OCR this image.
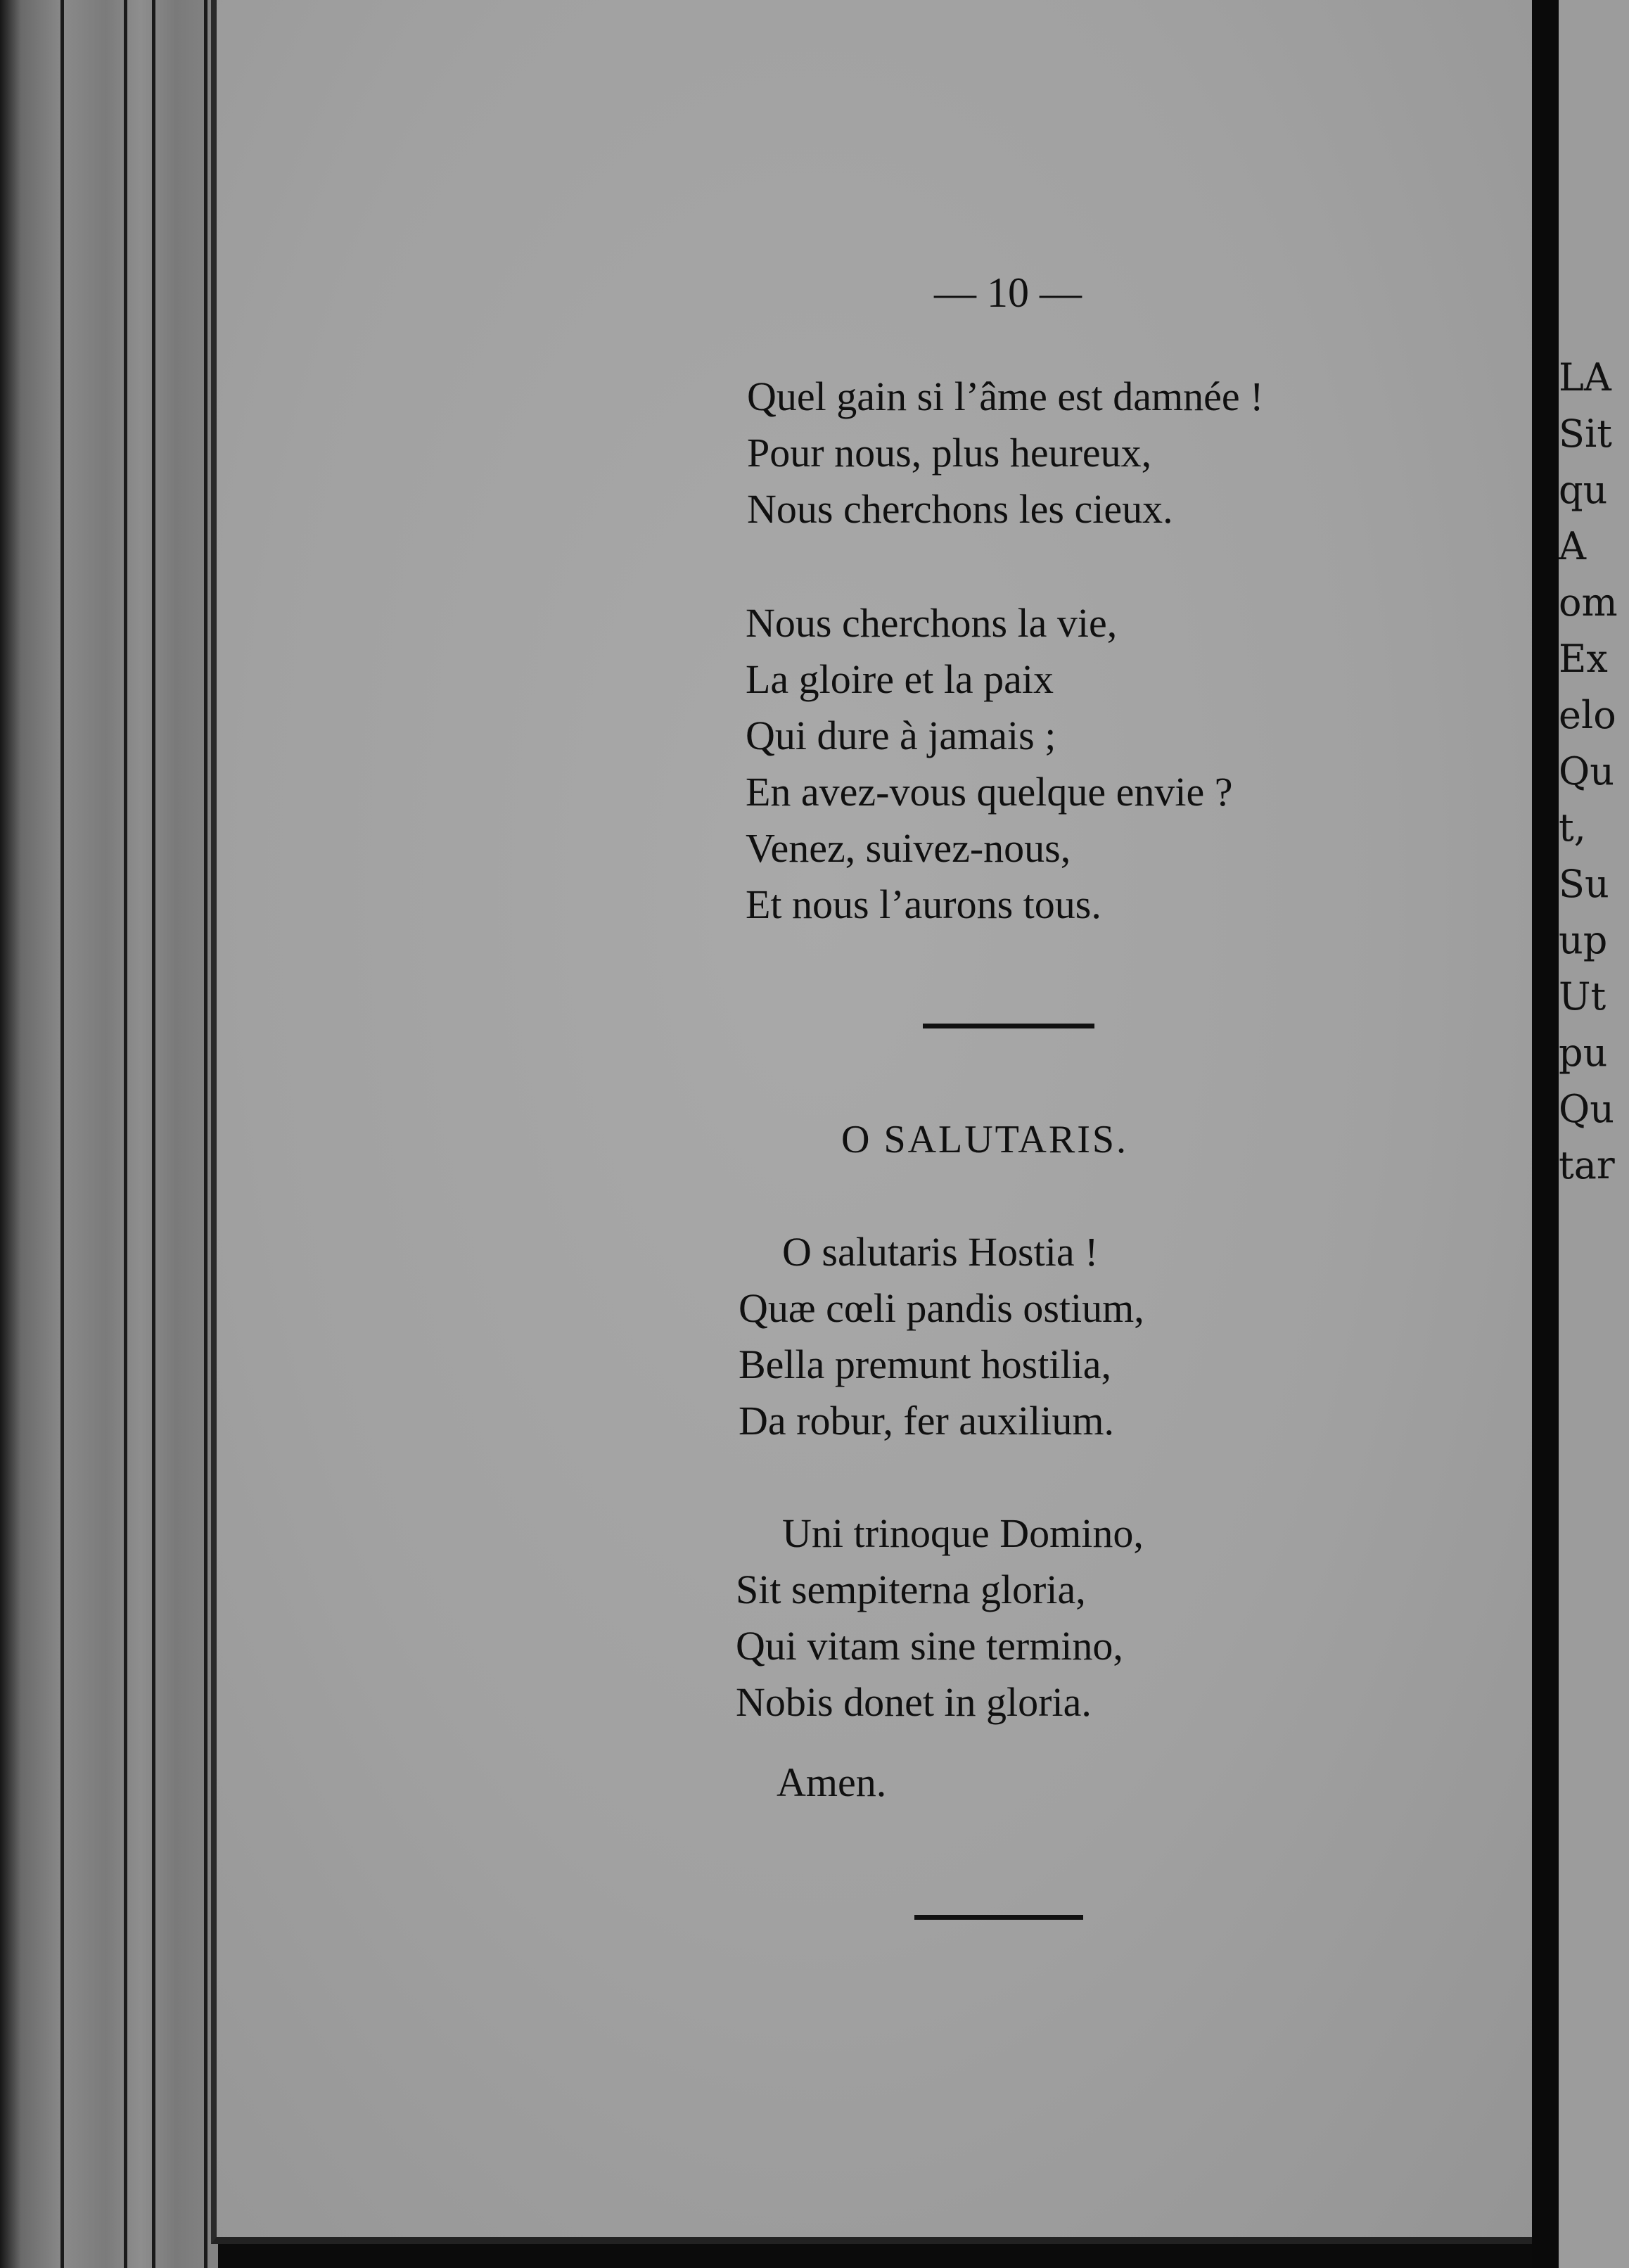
— 10 —
Quel gain si l’âme est damnée !
Pour nous, plus heureux,
Nous cherchons les cieux.
Nous cherchons la vie,
La gloire et la paix
Qui dure à jamais ;
En avez-vous quelque envie ?
Venez, suivez-nous,
Et nous l’aurons tous.
O SALUTARIS.
O salutaris Hostia !
Quæ cœli pandis ostium,
Bella premunt hostilia,
Da robur, fer auxilium.
Uni trinoque Domino,
Sit sempiterna gloria,
Qui vitam sine termino,
Nobis donet in gloria.
Amen.
LA
Sit
qu
A
om
Ex
elo
Qu
t,
Su
up
Ut
pu
Qu
tar
